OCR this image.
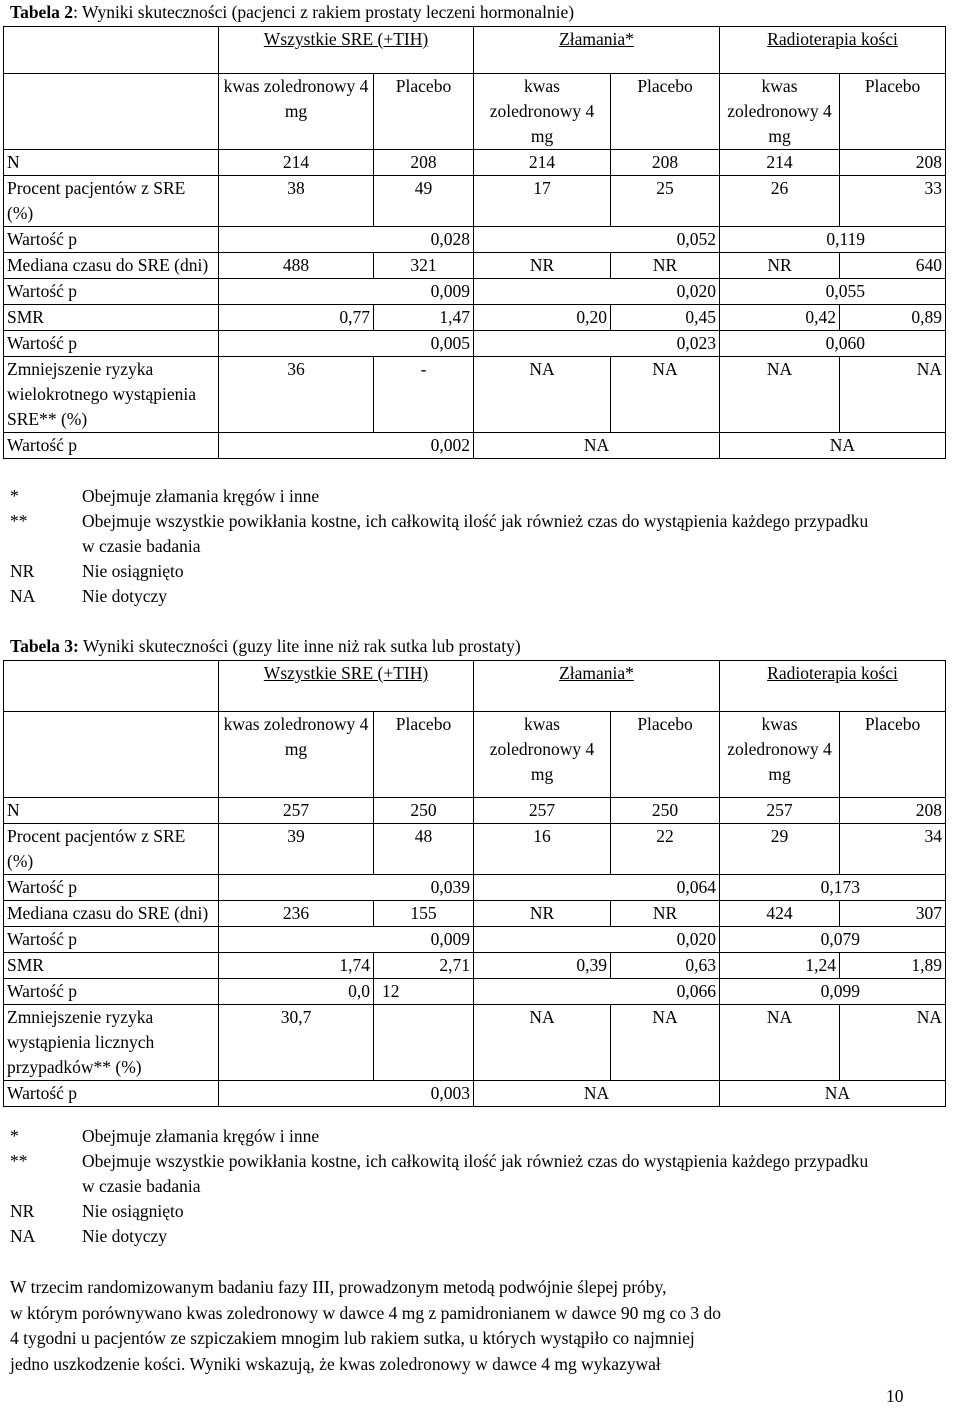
Tabela 2: Wyniki skuteczności (pacjenci z rakiem prostaty leczeni hormonalnie)
	Wszystkie SRE (+TIH)		Złamania*		Radioterapia kości	
	kwas zoledronowy 4 mg	Placebo	kwas zoledronowy 4 mg	Placebo	kwas zoledronowy 4 mg	Placebo
N	214	208	214	208	214	208
Procent pacjentów z SRE (%)	38	49	17	25	26	33
Wartość p	0,028		0,052		0,119	
Mediana czasu do SRE (dni)	488	321	NR	NR	NR	640
Wartość p	0,009		0,020		0,055	
SMR	0,77	1,47	0,20	0,45	0,42	0,89
Wartość p	0,005		0,023		0,060	
Zmniejszenie ryzyka wielokrotnego wystąpienia SRE** (%)	36	-	NA	NA	NA	NA
Wartość p	0,002		NA		NA	
*	Obejmuje złamania kręgów i inne
**	Obejmuje wszystkie powikłania kostne, ich całkowitą ilość jak również czas do wystąpienia każdego przypadku w czasie badania
NR	Nie osiągnięto
NA	Nie dotyczy
Tabela 3: Wyniki skuteczności (guzy lite inne niż rak sutka lub prostaty)
	Wszystkie SRE (+TIH)		Złamania*		Radioterapia kości	
	kwas zoledronowy 4 mg	Placebo	kwas zoledronowy 4 mg	Placebo	kwas zoledronowy 4 mg	Placebo
N	257	250	257	250	257	208
Procent pacjentów z SRE (%)	39	48	16	22	29	34
Wartość p	0,039		0,064		0,173	
Mediana czasu do SRE (dni)	236	155	NR	NR	424	307
Wartość p	0,009		0,020		0,079	
SMR	1,74	2,71	0,39	0,63	1,24	1,89
Wartość p	0,0	12	0,066		0,099	
Zmniejszenie ryzyka wystąpienia licznych przypadków** (%)	30,7		NA	NA	NA	NA
Wartość p	0,003		NA		NA	
*	Obejmuje złamania kręgów i inne
**	Obejmuje wszystkie powikłania kostne, ich całkowitą ilość jak również czas do wystąpienia każdego przypadku w czasie badania
NR	Nie osiągnięto
NA	Nie dotyczy
W trzecim randomizowanym badaniu fazy III, prowadzonym metodą podwójnie ślepej próby,
w którym porównywano kwas zoledronowy w dawce 4 mg z pamidronianem w dawce 90 mg co 3 do
4 tygodni u pacjentów ze szpiczakiem mnogim lub rakiem sutka, u których wystąpiło co najmniej
jedno uszkodzenie kości. Wyniki wskazują, że kwas zoledronowy w dawce 4 mg wykazywał
10
